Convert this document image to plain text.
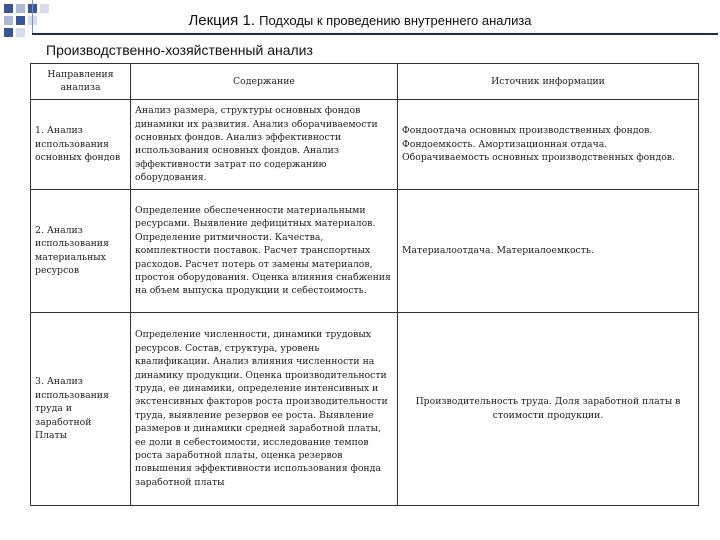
Лекция 1. Подходы к проведению внутреннего анализа
Производственно-хозяйственный анализ
Направления анализа	Содержание	Источник информации
1. Анализ использования основных фондов	Анализ размера, структуры основных фондов динамики их развития. Анализ оборачиваемости основных фондов. Анализ эффективности использования основных фондов. Анализ эффективности затрат по содержанию оборудования.	Фондоотдача основных производственных фондов. Фондоемкость. Амортизационная отдача. Оборачиваемость основных производственных фондов.
2. Анализ использования материальных ресурсов	Определение обеспеченности материальными ресурсами. Выявление дефицитных материалов. Определение ритмичности. Качества, комплектности поставок. Расчет транспортных расходов. Расчет потерь от замены материалов, простоя оборудования. Оценка влияния снабжения на объем выпуска продукции и себестоимость.	Материалоотдача. Материалоемкость.
3. Анализ использования труда и заработной Платы	Определение численности, динамики трудовых ресурсов. Состав, структура, уровень квалификации. Анализ влияния численности на динамику продукции. Оценка производительности труда, ее динамики, определение интенсивных и экстенсивных факторов роста производительности труда, выявление резервов ее роста. Выявление размеров и динамики средней заработной платы, ее доли в себестоимости, исследование темпов роста заработной платы, оценка резервов повышения эффективности использования фонда заработной платы	Производительность труда. Доля заработной платы в стоимости продукции.
